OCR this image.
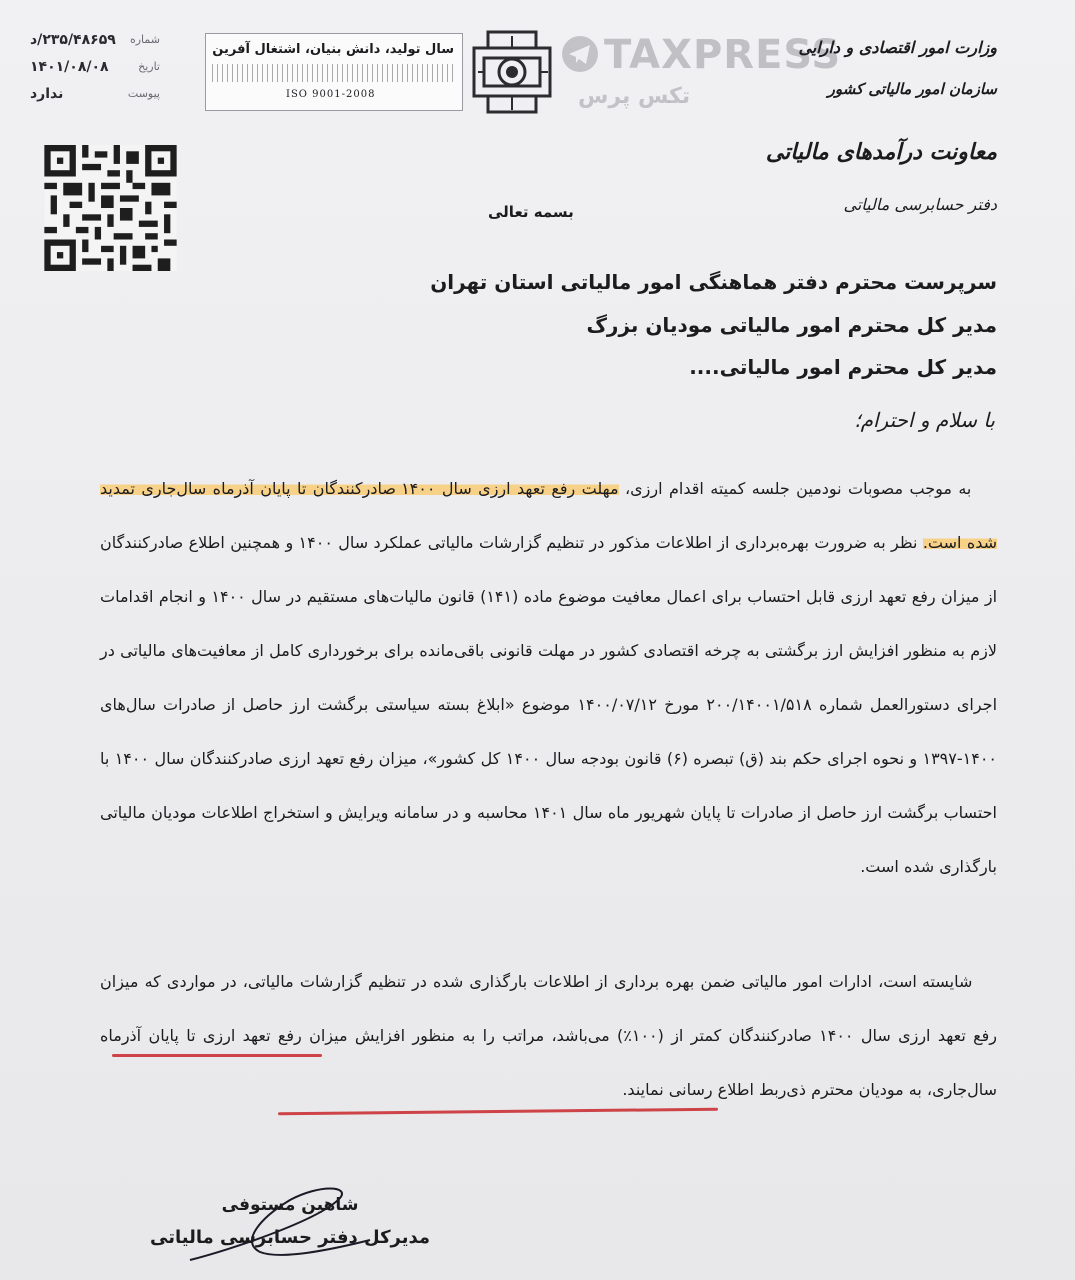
شماره
۲۳۵/۴۸۶۵۹/د
تاریخ
۱۴۰۱/۰۸/۰۸
پیوست
ندارد
سال تولید، دانش بنیان، اشتغال آفرین
ISO 9001-2008
TAXPRESS
تکس پرس
وزارت امور اقتصادی و دارایی
سازمان امور مالیاتی کشور
معاونت درآمدهای مالیاتی
دفتر حسابرسی مالیاتی
بسمه تعالی
سرپرست محترم دفتر هماهنگی امور مالیاتی استان تهران
مدیر کل محترم امور مالیاتی مودیان بزرگ
مدیر کل محترم امور مالیاتی....
با سلام و احترام؛
به موجب مصوبات نودمین جلسه کمیته اقدام ارزی، مهلت رفع تعهد ارزی سال ۱۴۰۰ صادرکنندگان تا پایان آذرماه سال‌جاری تمدید شده است. نظر به ضرورت بهره‌برداری از اطلاعات مذکور در تنظیم گزارشات مالیاتی عملکرد سال ۱۴۰۰ و همچنین اطلاع صادرکنندگان از میزان رفع تعهد ارزی قابل احتساب برای اعمال معافیت موضوع ماده (۱۴۱) قانون مالیات‌های مستقیم در سال ۱۴۰۰ و انجام اقدامات لازم به منظور افزایش ارز برگشتی به چرخه اقتصادی کشور در مهلت قانونی باقی‌مانده برای برخورداری کامل از معافیت‌های مالیاتی در اجرای دستورالعمل شماره ۲۰۰/۱۴۰۰۱/۵۱۸ مورخ ۱۴۰۰/۰۷/۱۲ موضوع «ابلاغ بسته سیاستی برگشت ارز حاصل از صادرات سال‌های ۱۴۰۰-۱۳۹۷ و نحوه اجرای حکم بند (ق) تبصره (۶) قانون بودجه سال ۱۴۰۰ کل کشور»، میزان رفع تعهد ارزی صادرکنندگان سال ۱۴۰۰ با احتساب برگشت ارز حاصل از صادرات تا پایان شهریور ماه سال ۱۴۰۱ محاسبه و در سامانه ویرایش و استخراج اطلاعات مودیان مالیاتی بارگذاری شده است.
شایسته است، ادارات امور مالیاتی ضمن بهره برداری از اطلاعات بارگذاری شده در تنظیم گزارشات مالیاتی، در مواردی که میزان رفع تعهد ارزی سال ۱۴۰۰ صادرکنندگان کمتر از (۱۰۰٪) می‌باشد، مراتب را به منظور افزایش میزان رفع تعهد ارزی تا پایان آذرماه سال‌جاری، به مودیان محترم ذی‌ربط اطلاع رسانی نمایند.
شاهین مستوفی
مدیرکل دفتر حسابرسی مالیاتی
